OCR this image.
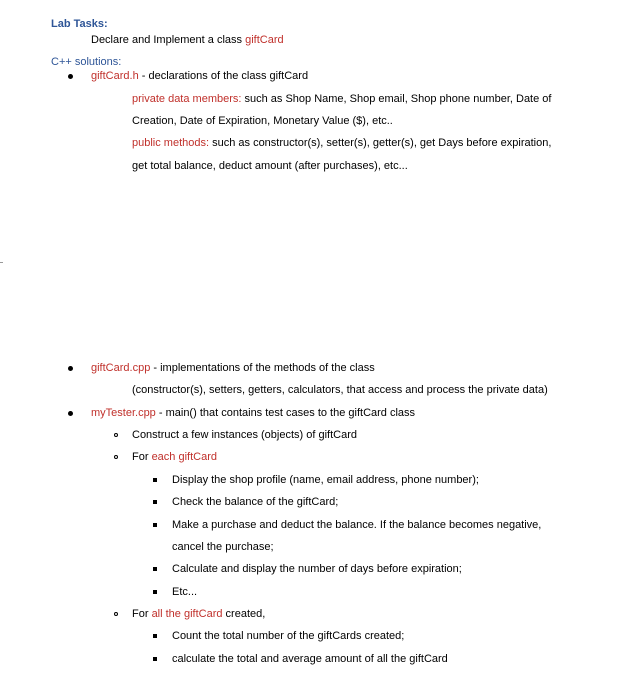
Lab Tasks:
Declare and Implement a class giftCard
C++ solutions:
giftCard.h - declarations of the class giftCard
private data members: such as Shop Name, Shop email, Shop phone number, Date of
Creation, Date of Expiration, Monetary Value ($), etc..
public methods: such as constructor(s), setter(s), getter(s), get Days before expiration,
get total balance, deduct amount (after purchases), etc...
giftCard.cpp - implementations of the methods of the class
(constructor(s), setters, getters, calculators, that access and process the private data)
myTester.cpp - main() that contains test cases to the giftCard class
Construct a few instances (objects) of giftCard
For each giftCard
Display the shop profile (name, email address, phone number);
Check the balance of the giftCard;
Make a purchase and deduct the balance. If the balance becomes negative,
cancel the purchase;
Calculate and display the number of days before expiration;
Etc...
For all the giftCard created,
Count the total number of the giftCards created;
calculate the total and average amount of all the giftCard
